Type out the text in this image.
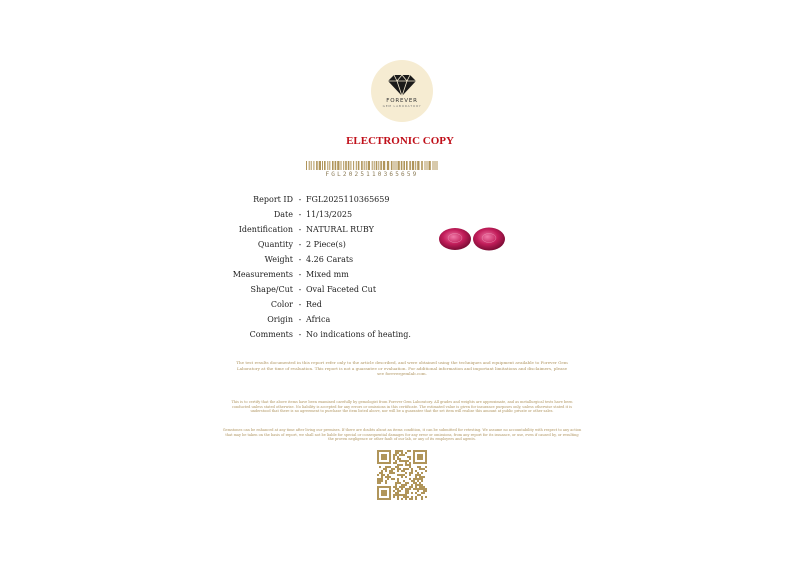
FOREVER
GEM LABORATORY
ELECTRONIC COPY
FGL2025110365659
Report ID - FGL2025110365659
Date - 11/13/2025
Identification - NATURAL RUBY
Quantity - 2 Piece(s)
Weight - 4.26 Carats
Measurements - Mixed mm
Shape/Cut - Oval Faceted Cut
Color - Red
Origin - Africa
Comments - No indications of heating.
The test results documented in this report refer only to the article described, and were obtained using the techniques and equipment available to Forever Gem Laboratory at the time of evaluation. This report is not a guarantee or evaluation. For additional information and important limitations and disclaimers, please see forevergemlab.com.
This is to certify that the above items have been examined carefully by gemologist from Forever Gem Laboratory. All grades and weights are approximate, and as metallurgical tests have been conducted unless stated otherwise. No liability is accepted for any errors or omissions in this certificate. The estimated value is given for insurance purposes only, unless otherwise stated it is understood that there is no agreement to purchase the item listed above, nor will be a guarantee that the set item will realize this amount at public private or other sales.
Gemstones can be enhanced at any time after living our premises. If there are doubts about an items condition, it can be submitted for retesting. We assume no accountability with respect to any action that may be taken on the basis of report, we shall not be liable for special or consequential damages for any error or omissions, from any report for its issuance, or use, even if caused by, or resulting the proven negligence or other fault of our lab, or any of its employees and agents.
